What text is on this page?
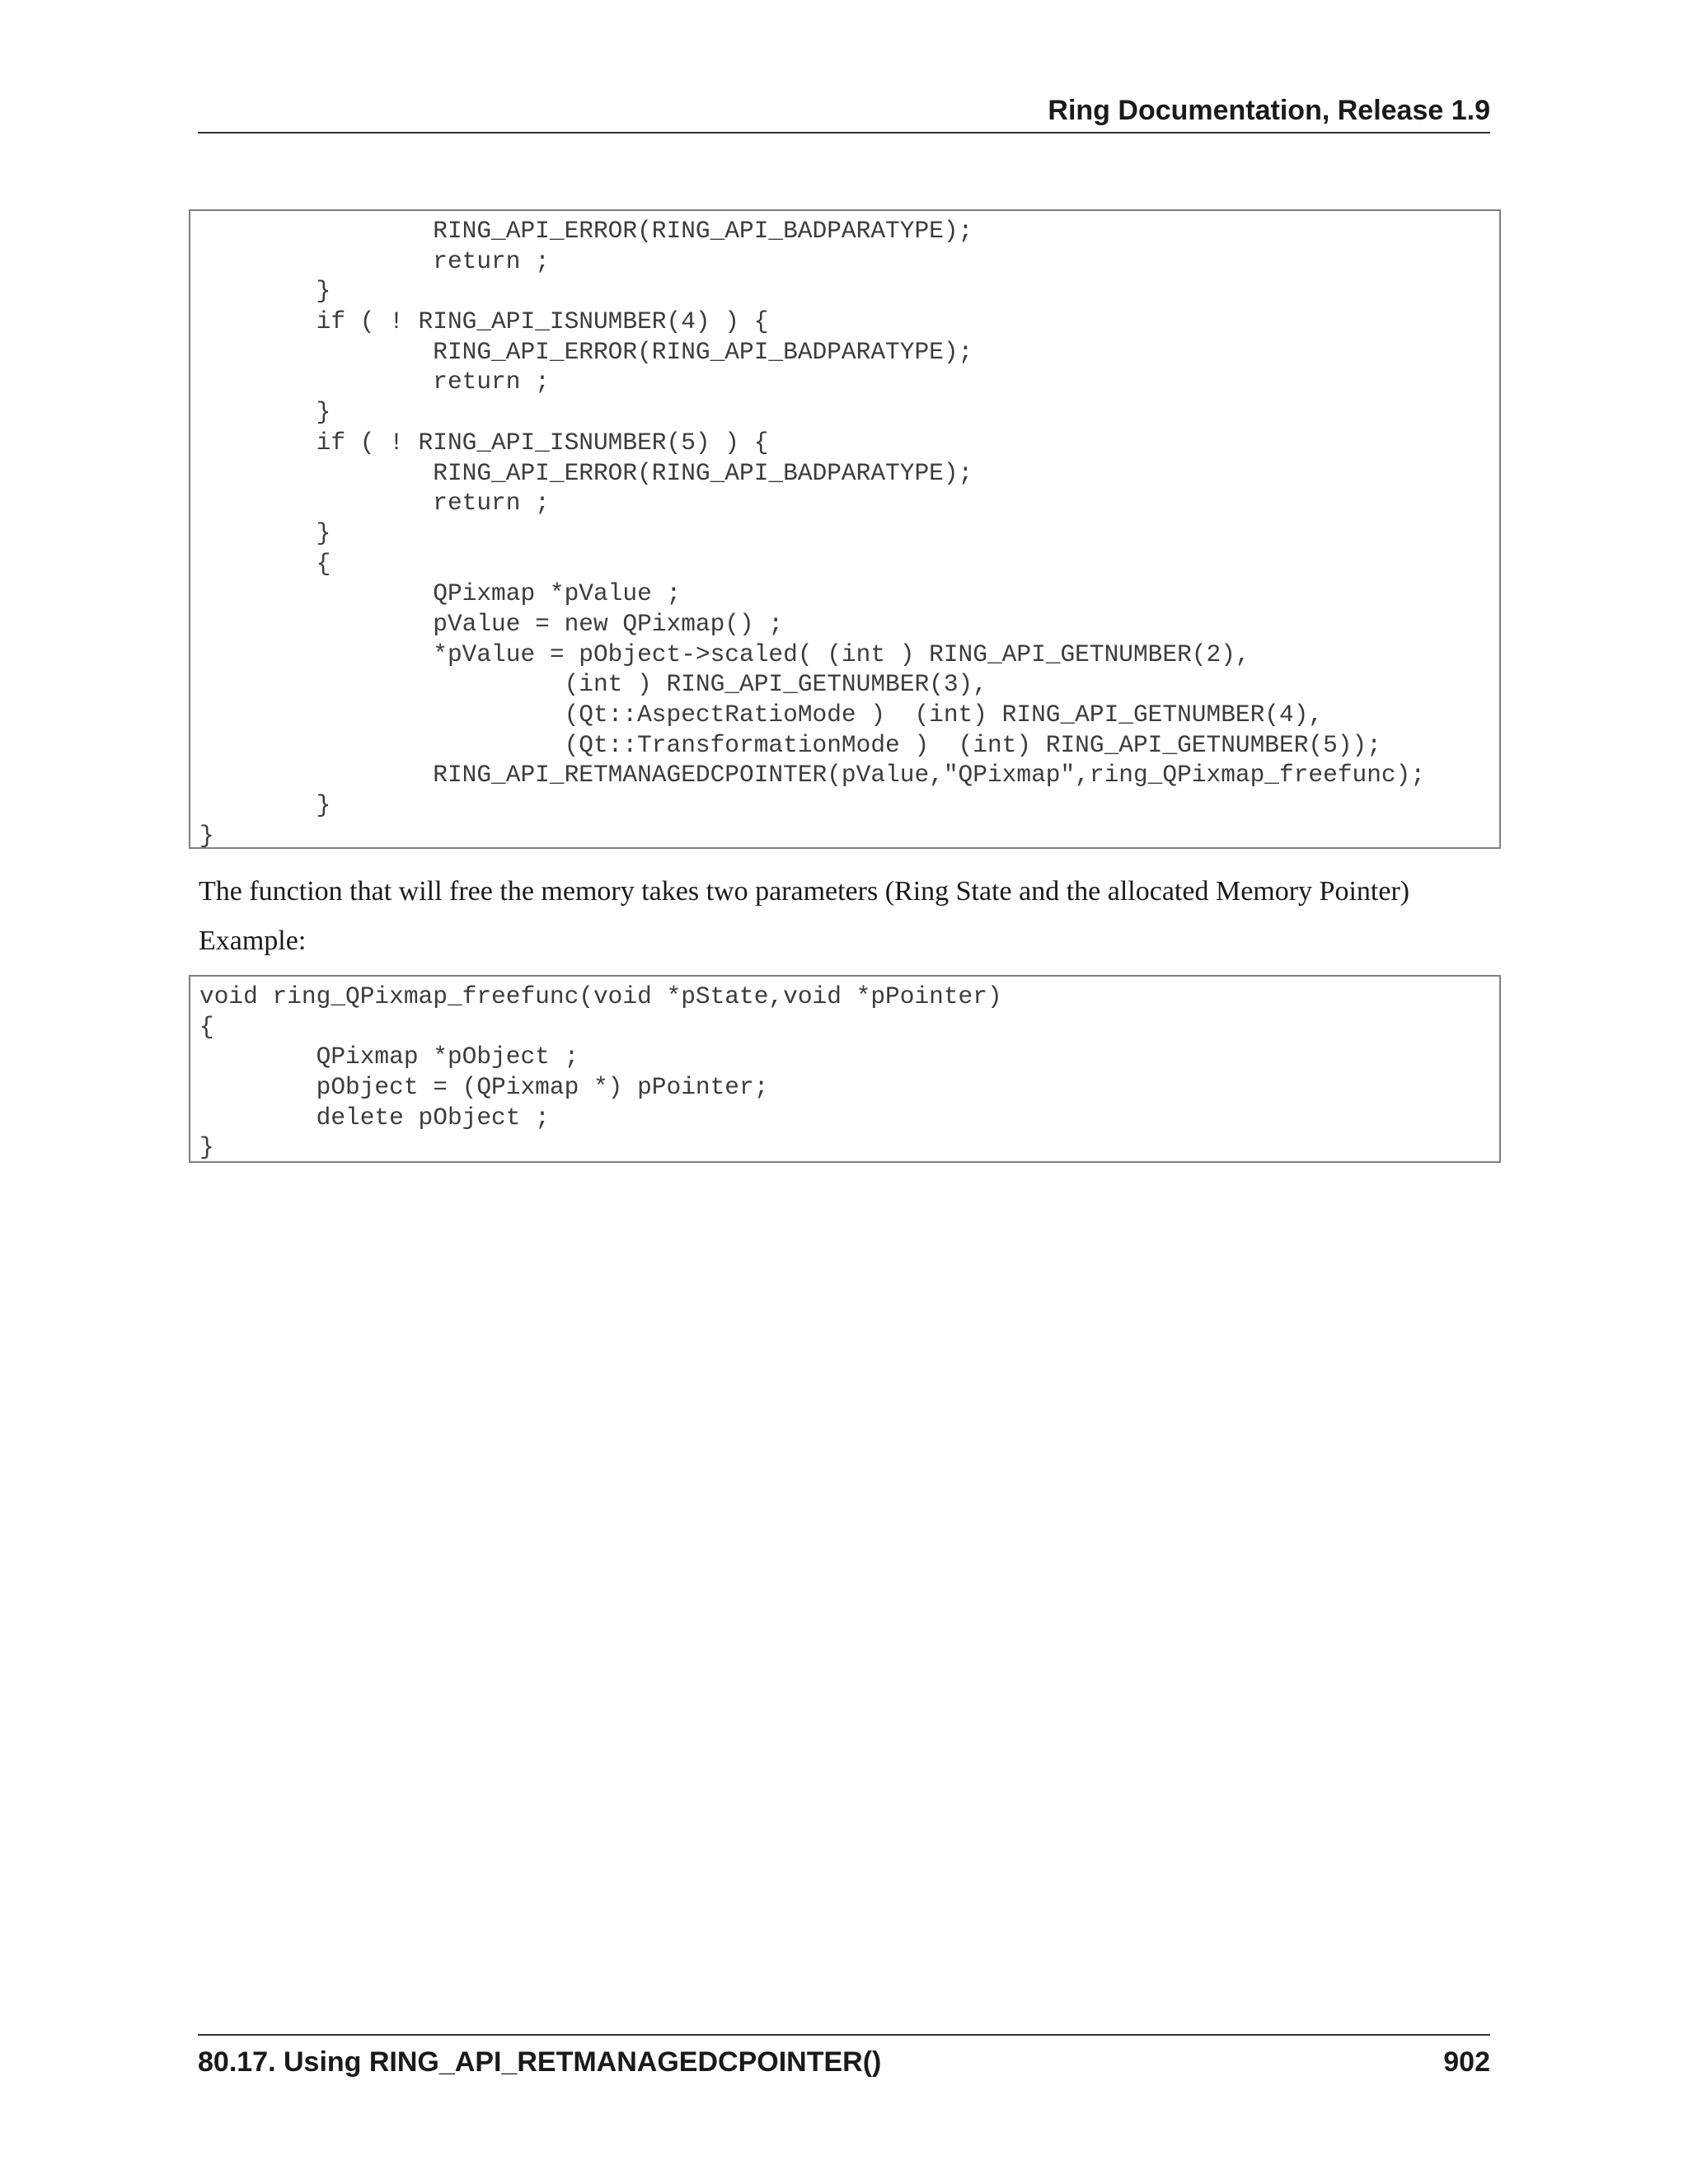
Ring Documentation, Release 1.9
RING_API_ERROR(RING_API_BADPARATYPE);
return ;
}
if ( ! RING_API_ISNUMBER(4) ) {
RING_API_ERROR(RING_API_BADPARATYPE);
return ;
}
if ( ! RING_API_ISNUMBER(5) ) {
RING_API_ERROR(RING_API_BADPARATYPE);
return ;
}
{
QPixmap *pValue ;
pValue = new QPixmap() ;
*pValue = pObject->scaled( (int ) RING_API_GETNUMBER(2),
(int ) RING_API_GETNUMBER(3),
(Qt::AspectRatioMode )  (int) RING_API_GETNUMBER(4),
(Qt::TransformationMode )  (int) RING_API_GETNUMBER(5));
RING_API_RETMANAGEDCPOINTER(pValue,"QPixmap",ring_QPixmap_freefunc);
}
}
The function that will free the memory takes two parameters (Ring State and the allocated Memory Pointer)
Example:
void ring_QPixmap_freefunc(void *pState,void *pPointer)
{
QPixmap *pObject ;
pObject = (QPixmap *) pPointer;
delete pObject ;
}
80.17. Using RING_API_RETMANAGEDCPOINTER()	902
